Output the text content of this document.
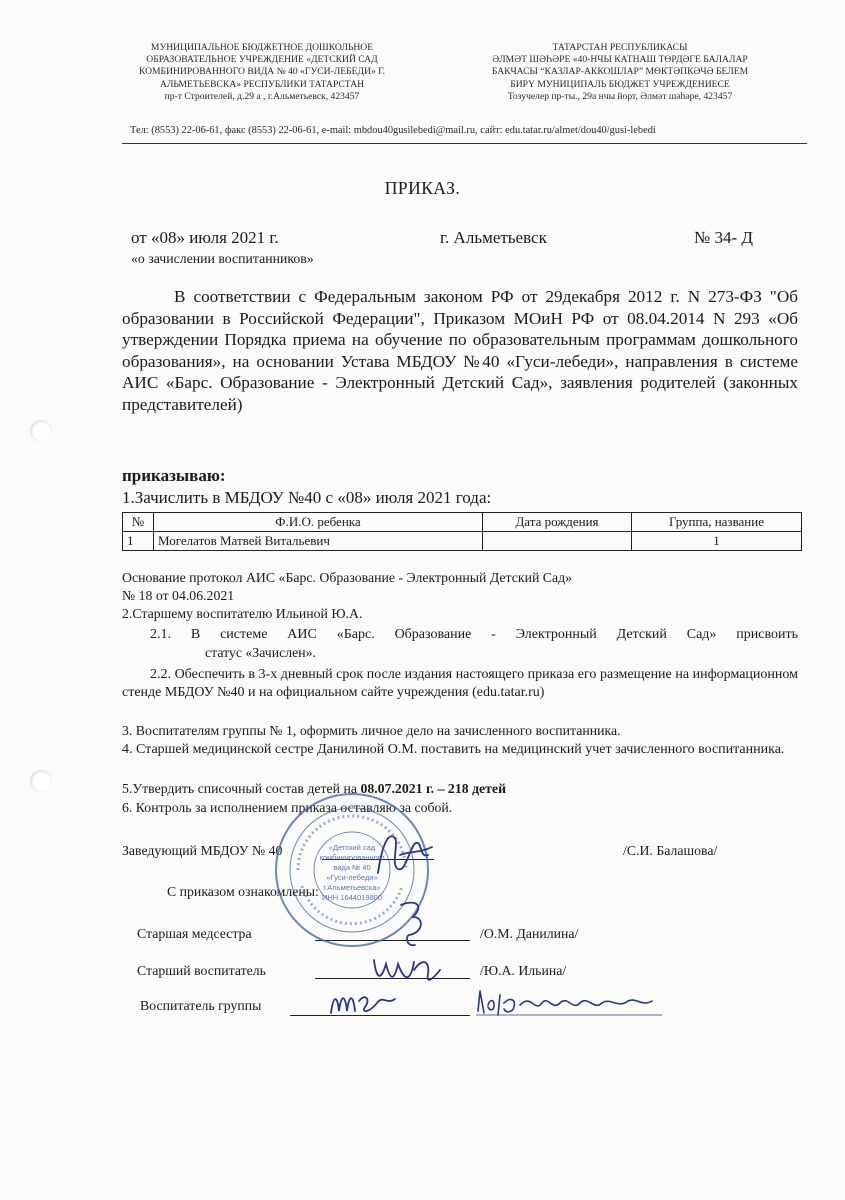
МУНИЦИПАЛЬНОЕ БЮДЖЕТНОЕ ДОШКОЛЬНОЕ
ОБРАЗОВАТЕЛЬНОЕ УЧРЕЖДЕНИЕ «ДЕТСКИЙ САД
КОМБИНИРОВАННОГО ВИДА № 40 «ГУСИ-ЛЕБЕДИ» Г.
АЛЬМЕТЬЕВСКА» РЕСПУБЛИКИ ТАТАРСТАН
пр-т Строителей, д.29 а , г.Альметьевск, 423457
ТАТАРСТАН РЕСПУБЛИКАСЫ
ӘЛМӘТ ШӘҺӘРЕ «40-НЧЫ КАТНАШ ТӨРДӘГЕ БАЛАЛАР
БАКЧАСЫ “КАЗЛАР-АККОШЛАР” МӨКТӘПКӘЧӘ БЕЛЕМ
БИРҮ МУНИЦИПАЛЬ БЮДЖЕТ УЧРЕЖДЕНИЕСЕ
Тозучелер пр-ты., 29а нчы йорт, Әлмәт шәһәре, 423457
Тел: (8553) 22-06-61, факс (8553) 22-06-61, e-mail: mbdou40gusilebedi@mail.ru, сайт: edu.tatar.ru/almet/dou40/gusi-lebedi
ПРИКАЗ.
от «08» июля 2021 г.	г. Альметьевск	№ 34- Д
«о зачислении воспитанников»
В соответствии с Федеральным законом РФ от 29декабря 2012 г. N 273-ФЗ "Об образовании в Российской Федерации", Приказом МОиН РФ от 08.04.2014 N 293 «Об утверждении Порядка приема на обучение по образовательным программам дошкольного образования», на основании Устава МБДОУ №40 «Гуси-лебеди», направления в системе АИС «Барс. Образование - Электронный Детский Сад», заявления родителей (законных представителей)
приказываю:
1.Зачислить в МБДОУ №40 с «08» июля 2021 года:
№	Ф.И.О. ребенка	Дата рождения	Группа, название
1	Могелатов Матвей Витальевич		1
Основание протокол АИС «Барс. Образование - Электронный Детский Сад»
№ 18 от 04.06.2021
2.Старшему воспитателю Ильиной Ю.А.
2.1. В системе АИС «Барс. Образование - Электронный Детский Сад» присвоить
статус «Зачислен».
2.2. Обеспечить в 3-х дневный срок после издания настоящего приказа его размещение на информационном стенде МБДОУ №40 и на официальном сайте учреждения (edu.tatar.ru)
3. Воспитателям группы № 1, оформить личное дело на зачисленного воспитанника.
4. Старшей медицинской сестре Данилиной О.М. поставить на медицинский учет зачисленного воспитанника.
5.Утвердить списочный состав детей на 08.07.2021 г. – 218 детей
6. Контроль за исполнением приказа оставляю за собой.
Заведующий МБДОУ № 40	/С.И. Балашова/
С приказом ознакомлены:
Старшая медсестра	/О.М. Данилина/
Старший воспитатель	/Ю.А. Ильина/
Воспитатель группы
«Детский сад
комбинированного
вида № 40
«Гуси-лебеди»
г.Альметьевска»
ИНН 1644019800
